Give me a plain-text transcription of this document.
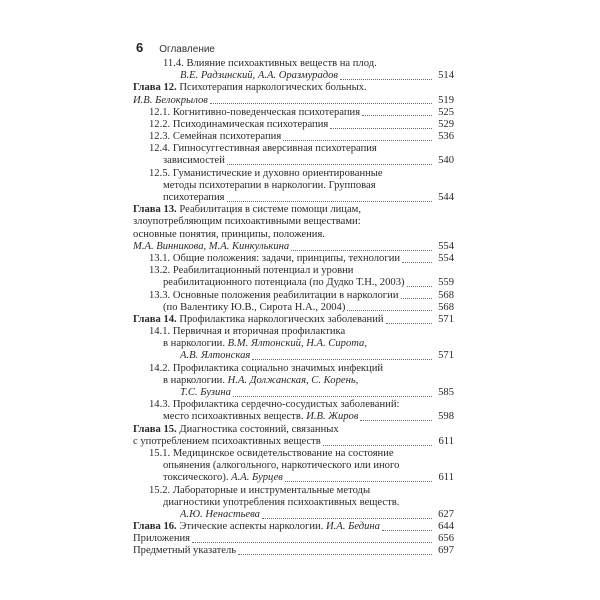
6 Оглавление
11.4. Влияние психоактивных веществ на плод.
В.Е. Радзинский, А.А. Оразмурадов	514
Глава 12. Психотерапия наркологических больных.
И.В. Белокрылов	519
12.1. Когнитивно-поведенческая психотерапия	525
12.2. Психодинамическая психотерапия	529
12.3. Семейная психотерапия	536
12.4. Гипносуггестивная аверсивная психотерапия
зависимостей	540
12.5. Гуманистические и духовно ориентированные
методы психотерапии в наркологии. Групповая
психотерапия	544
Глава 13. Реабилитация в системе помощи лицам,
злоупотребляющим психоактивными веществами:
основные понятия, принципы, положения.
М.А. Винникова, М.А. Кинкулькина	554
13.1. Общие положения: задачи, принципы, технологии	554
13.2. Реабилитационный потенциал и уровни
реабилитационного потенциала (по Дудко Т.Н., 2003)	559
13.3. Основные положения реабилитации в наркологии	568
(по Валентику Ю.В., Сирота Н.А., 2004)	568
Глава 14. Профилактика наркологических заболеваний	571
14.1. Первичная и вторичная профилактика
в наркологии. В.М. Ялтонский, Н.А. Сирота,
А.В. Ялтонская	571
14.2. Профилактика социально значимых инфекций
в наркологии. Н.А. Должанская, С. Корень,
Т.С. Бузина	585
14.3. Профилактика сердечно-сосудистых заболеваний:
место психоактивных веществ. И.В. Жиров	598
Глава 15. Диагностика состояний, связанных
с употреблением психоактивных веществ	611
15.1. Медицинское освидетельствование на состояние
опьянения (алкогольного, наркотического или иного
токсического). А.А. Бурцев	611
15.2. Лабораторные и инструментальные методы
диагностики употребления психоактивных веществ.
А.Ю. Ненастьева	627
Глава 16. Этические аспекты наркологии. И.А. Бедина	644
Приложения	656
Предметный указатель	697
